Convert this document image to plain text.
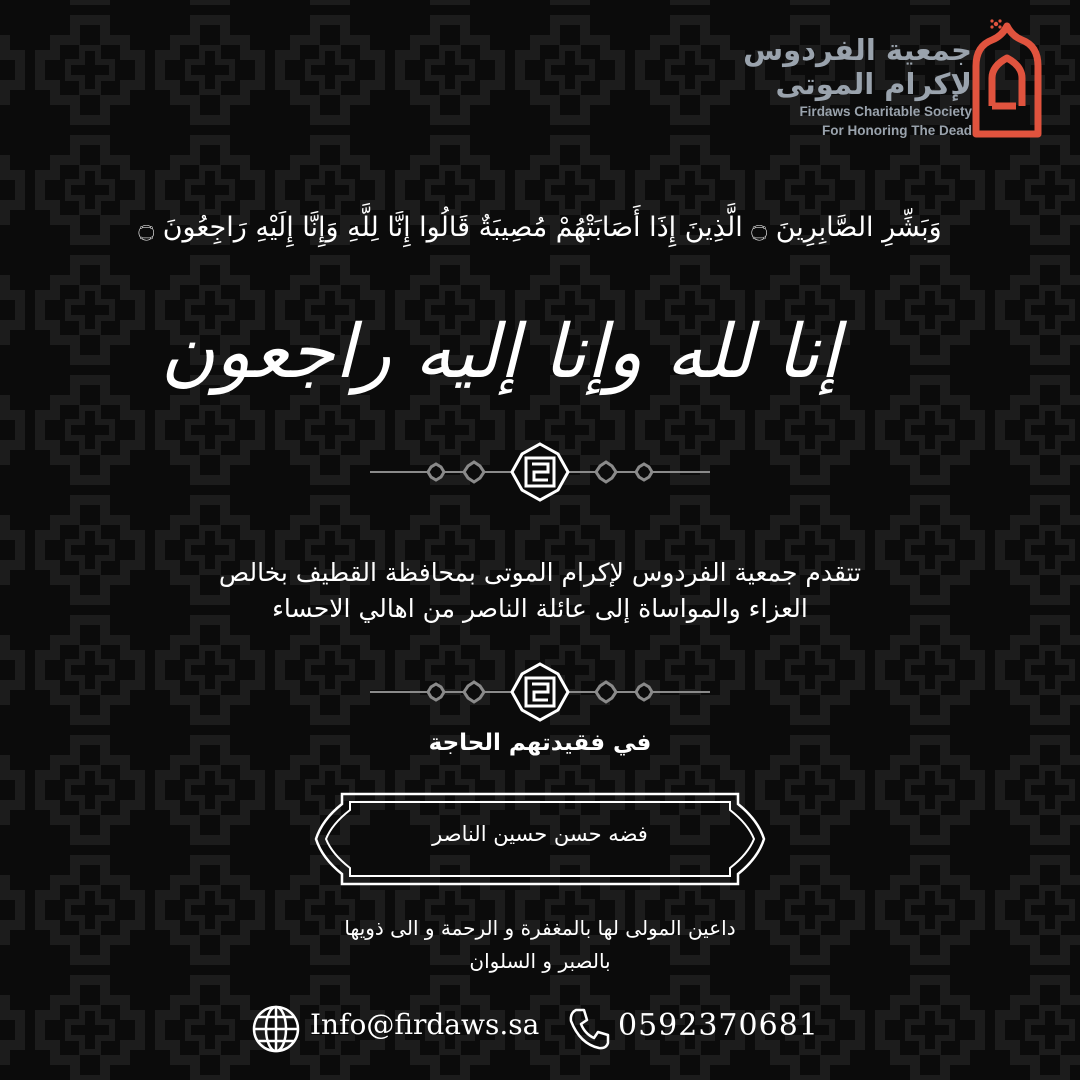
جمعية الفردوس
لإكرام الموتى
Firdaws Charitable Society
For Honoring The Dead
وَبَشِّرِ الصَّابِرِينَ ۝ الَّذِينَ إِذَا أَصَابَتْهُمْ مُصِيبَةٌ قَالُوا إِنَّا لِلَّهِ وَإِنَّا إِلَيْهِ رَاجِعُونَ ۝
إنا لله وإنا إليه راجعون
تتقدم جمعية الفردوس لإكرام الموتى بمحافظة القطيف بخالص
العزاء والمواساة إلى عائلة الناصر من اهالي الاحساء
في فقيدتهم الحاجة
فضه حسن حسين الناصر
داعين المولى لها بالمغفرة و الرحمة و الى ذويها
بالصبر و السلوان
Info@firdaws.sa	0592370681
